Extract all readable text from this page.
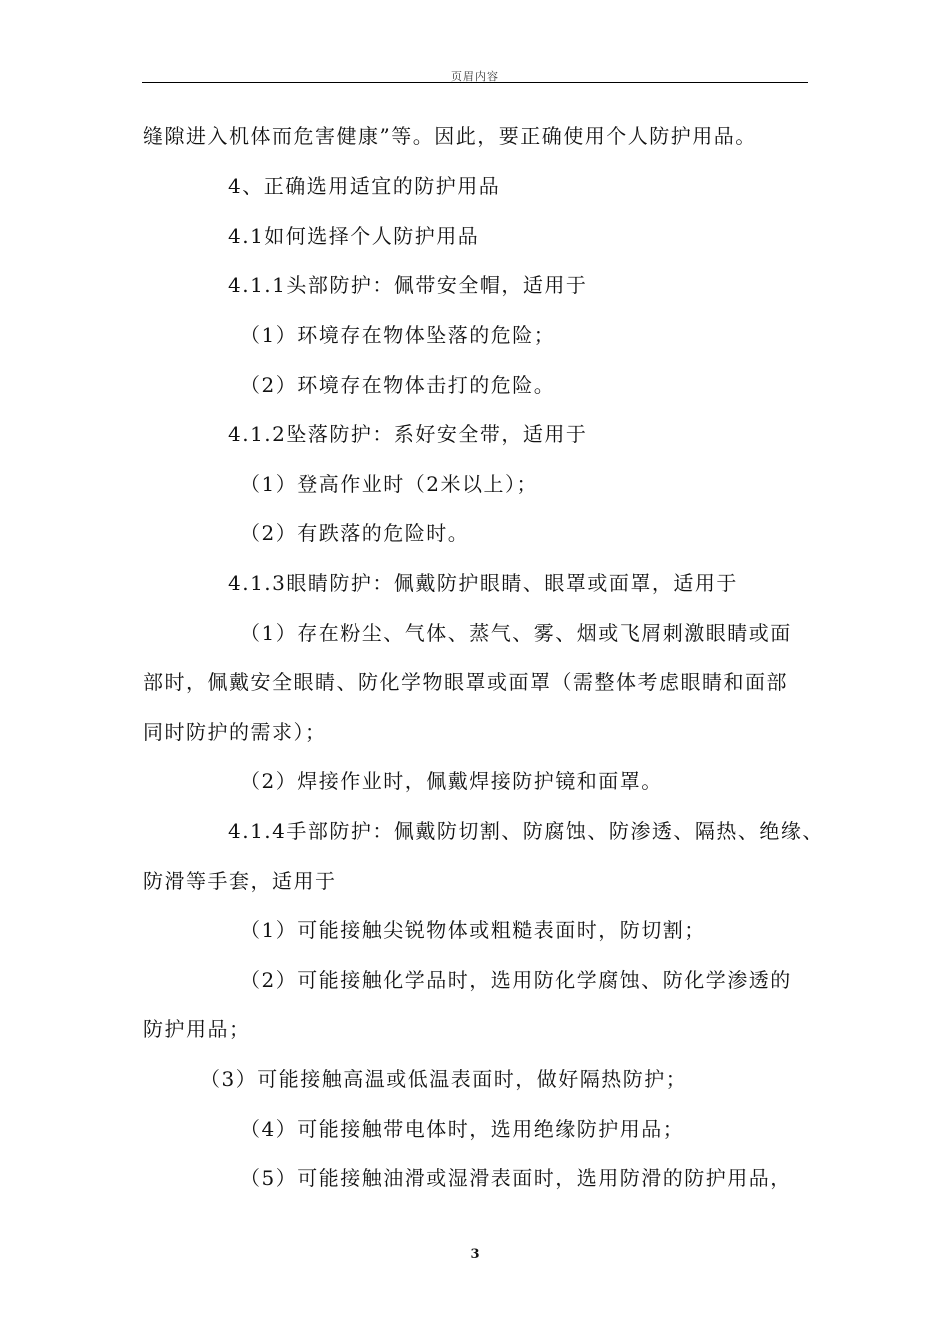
页眉内容
缝隙进入机体而危害健康”等。因此，要正确使用个人防护用品。
4、正确选用适宜的防护用品
4.1如何选择个人防护用品
4.1.1头部防护：佩带安全帽，适用于
（1）环境存在物体坠落的危险；
（2）环境存在物体击打的危险。
4.1.2坠落防护：系好安全带，适用于
（1）登高作业时（2米以上）；
（2）有跌落的危险时。
4.1.3眼睛防护：佩戴防护眼睛、眼罩或面罩，适用于
（1）存在粉尘、气体、蒸气、雾、烟或飞屑刺激眼睛或面
部时，佩戴安全眼睛、防化学物眼罩或面罩（需整体考虑眼睛和面部
同时防护的需求）；
（2）焊接作业时，佩戴焊接防护镜和面罩。
4.1.4手部防护：佩戴防切割、防腐蚀、防渗透、隔热、绝缘、
防滑等手套，适用于
（1）可能接触尖锐物体或粗糙表面时，防切割；
（2）可能接触化学品时，选用防化学腐蚀、防化学渗透的
防护用品；
（3）可能接触高温或低温表面时，做好隔热防护；
（4）可能接触带电体时，选用绝缘防护用品；
（5）可能接触油滑或湿滑表面时，选用防滑的防护用品，
3
